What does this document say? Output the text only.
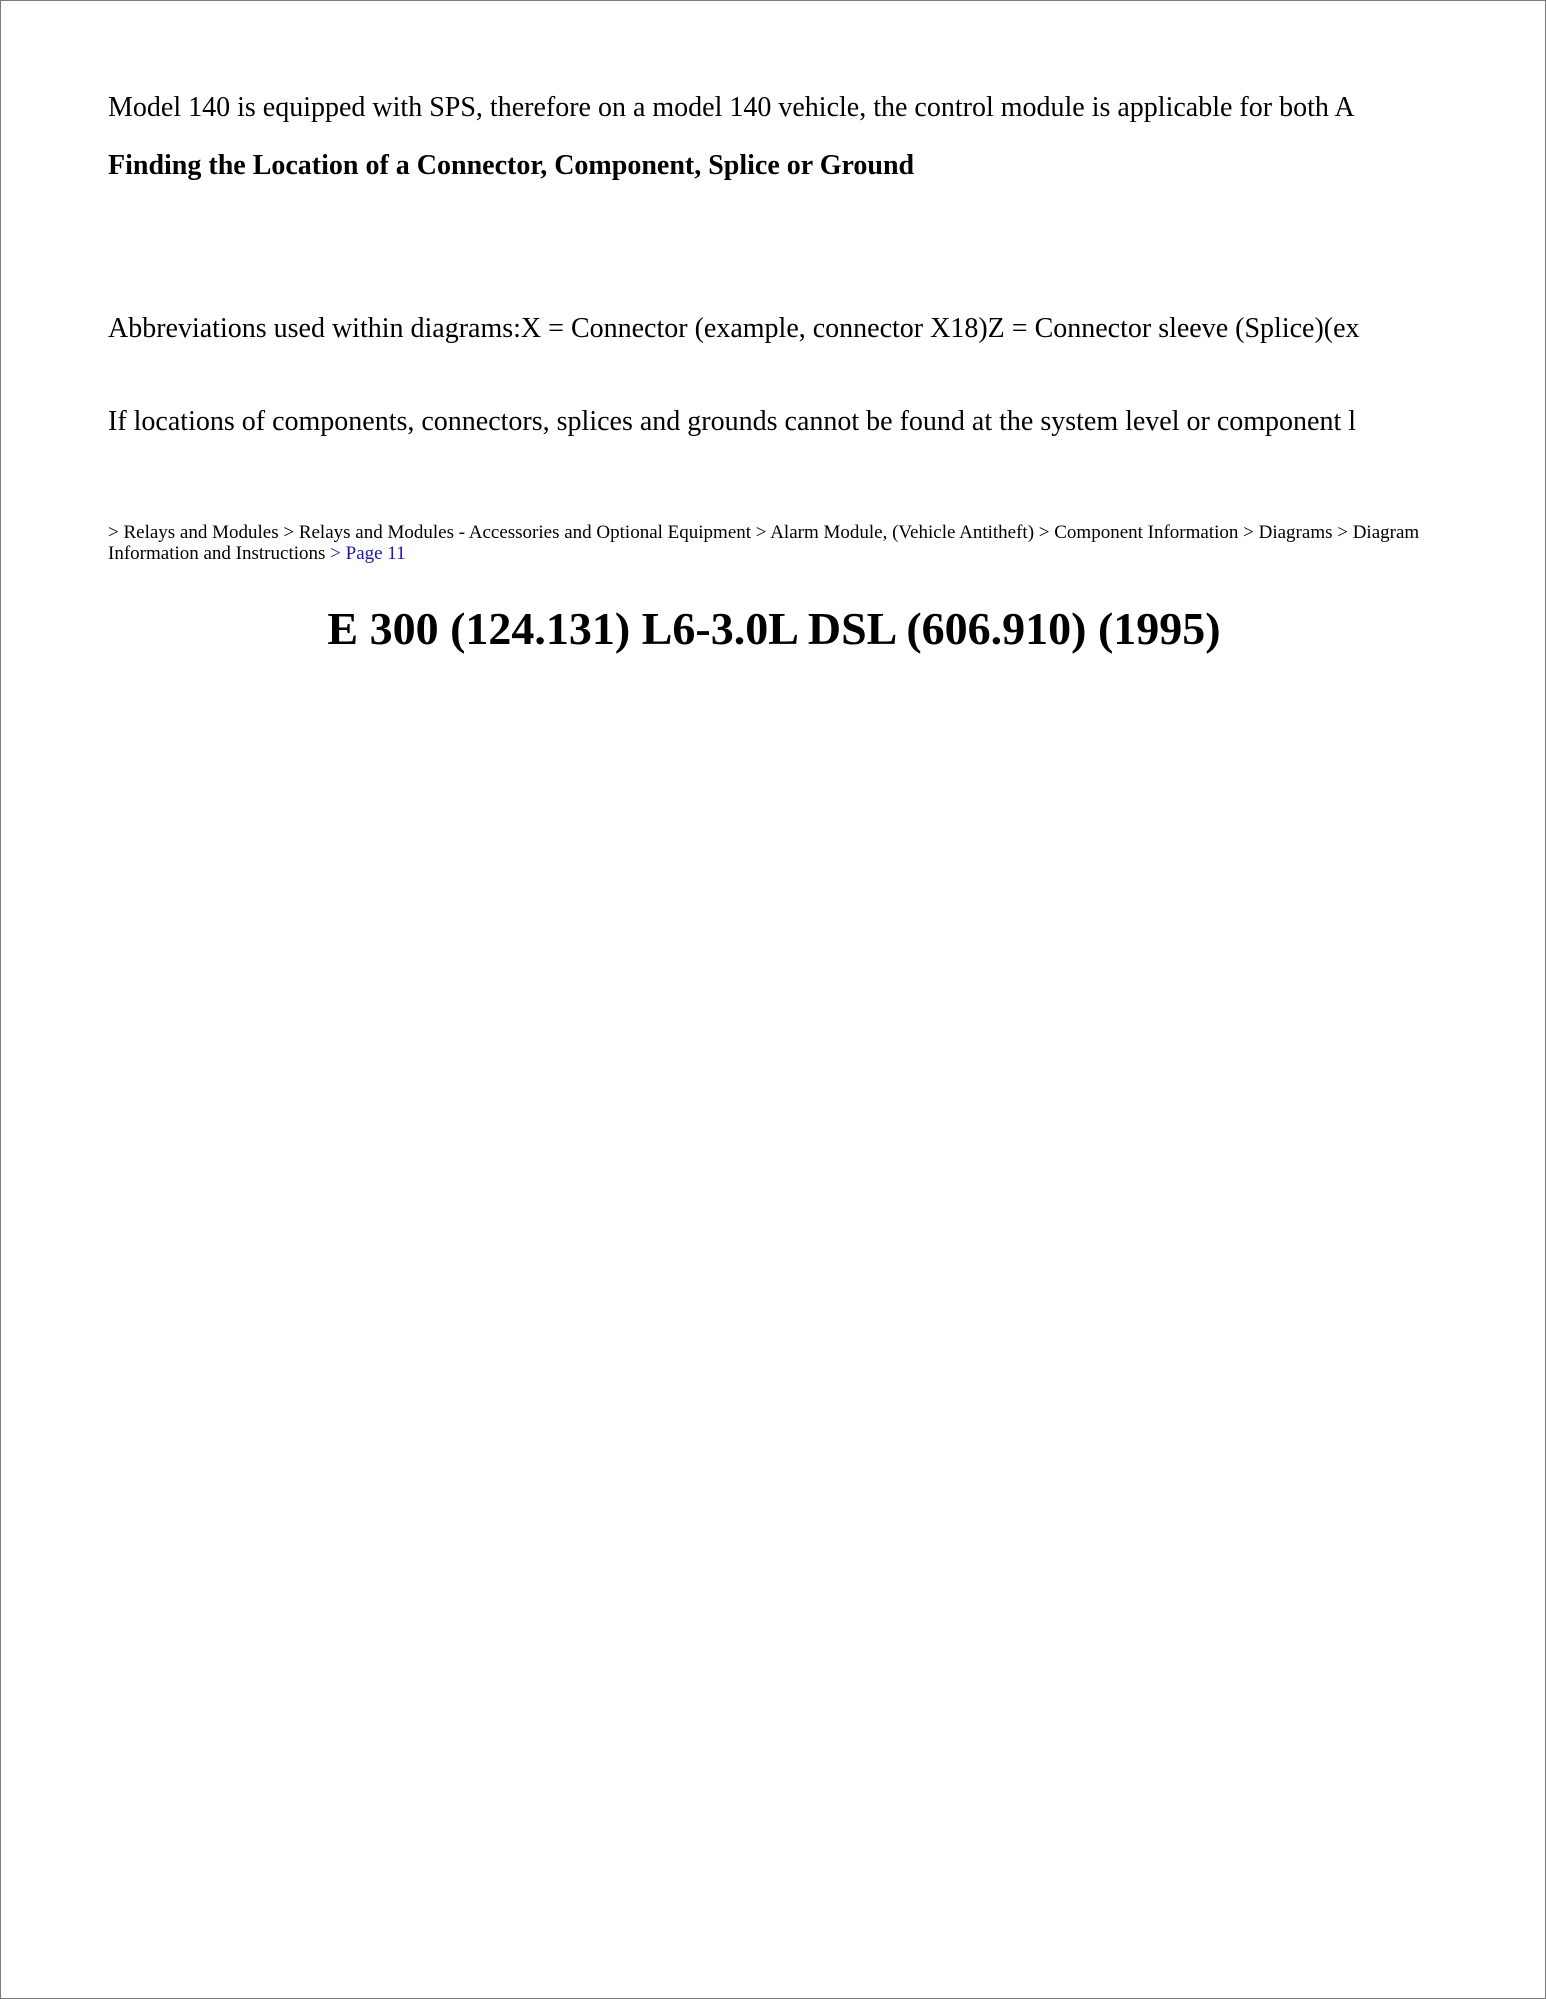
Model 140 is equipped with SPS, therefore on a model 140 vehicle, the control module is applicable for both A
Finding the Location of a Connector, Component, Splice or Ground
Abbreviations used within diagrams:X = Connector (example, connector X18)Z = Connector sleeve (Splice)(ex
If locations of components, connectors, splices and grounds cannot be found at the system level or component l
> Relays and Modules > Relays and Modules - Accessories and Optional Equipment > Alarm Module, (Vehicle Antitheft) > Component Information > Diagrams > Diagram Information and Instructions > Page 11
E 300 (124.131) L6-3.0L DSL (606.910) (1995)
